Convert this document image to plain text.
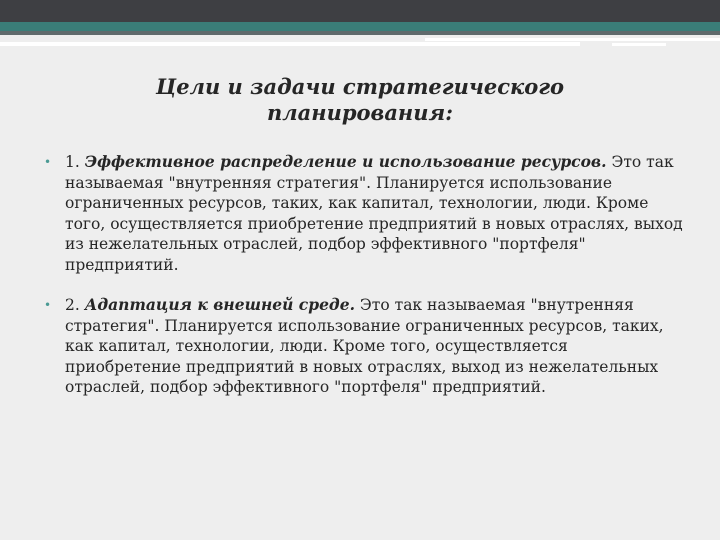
Цели и задачи стратегического
планирования:
• 1. Эффективное распределение и использование ресурсов. Это так называемая "внутренняя стратегия". Планируется использование ограниченных ресурсов, таких, как капитал, технологии, люди. Кроме того, осуществляется приобретение предприятий в новых отраслях, выход из нежелательных отраслей, подбор эффективного "портфеля" предприятий.
• 2. Адаптация к внешней среде. Это так называемая "внутренняя стратегия". Планируется использование ограниченных ресурсов, таких, как капитал, технологии, люди. Кроме того, осуществляется приобретение предприятий в новых отраслях, выход из нежелательных отраслей, подбор эффективного "портфеля" предприятий.
